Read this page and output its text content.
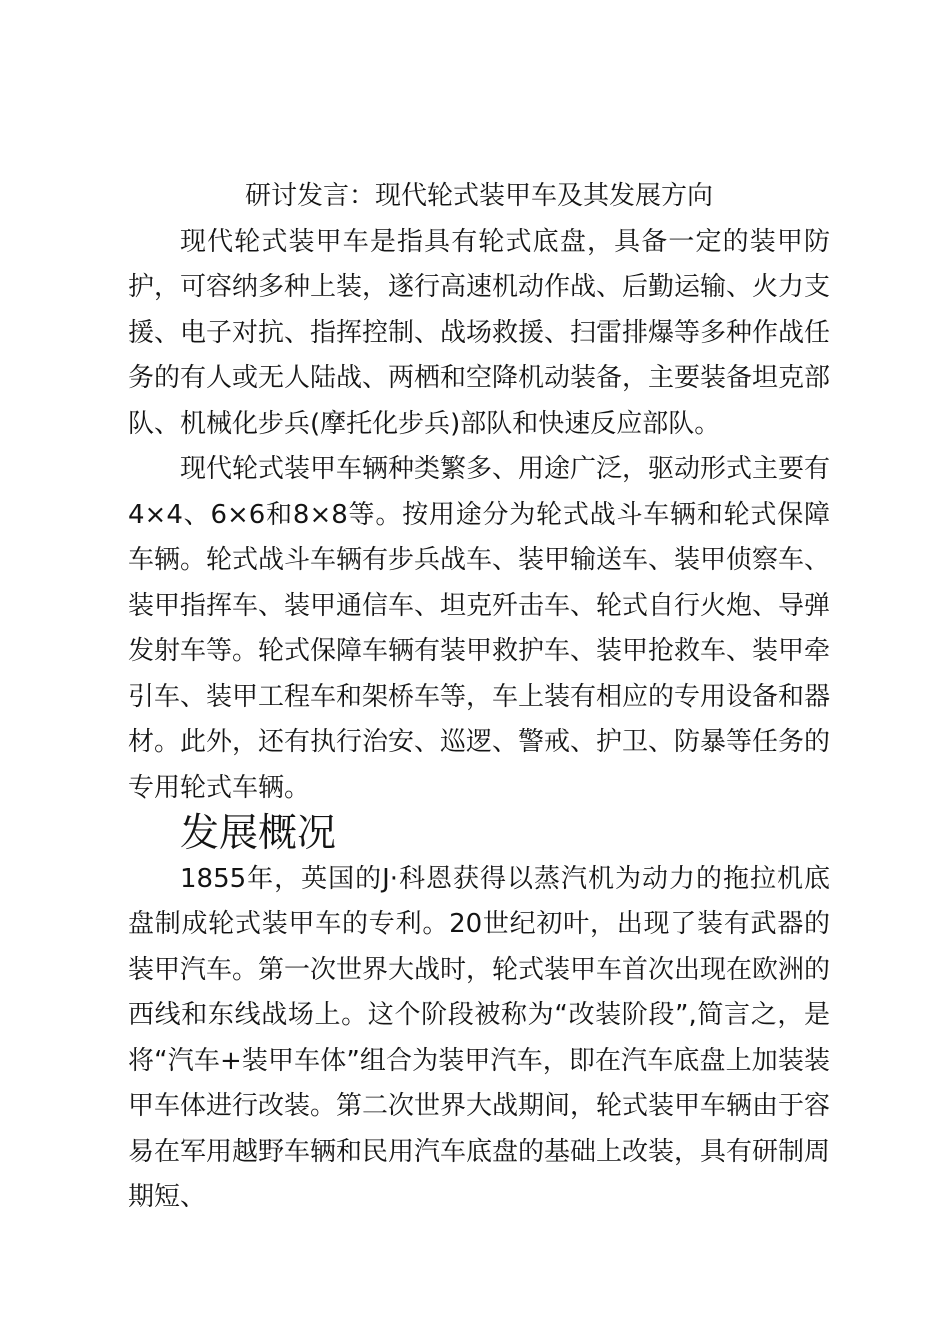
研讨发言：现代轮式装甲车及其发展方向

现代轮式装甲车是指具有轮式底盘，具备一定的装甲防护，可容纳多种上装，遂行高速机动作战、后勤运输、火力支援、电子对抗、指挥控制、战场救援、扫雷排爆等多种作战任务的有人或无人陆战、两栖和空降机动装备，主要装备坦克部队、机械化步兵(摩托化步兵)部队和快速反应部队。

现代轮式装甲车辆种类繁多、用途广泛，驱动形式主要有4×4、6×6和8×8等。按用途分为轮式战斗车辆和轮式保障车辆。轮式战斗车辆有步兵战车、装甲输送车、装甲侦察车、装甲指挥车、装甲通信车、坦克歼击车、轮式自行火炮、导弹发射车等。轮式保障车辆有装甲救护车、装甲抢救车、装甲牵引车、装甲工程车和架桥车等，车上装有相应的专用设备和器材。此外，还有执行治安、巡逻、警戒、护卫、防暴等任务的专用轮式车辆。

发展概况

1855年，英国的J·科恩获得以蒸汽机为动力的拖拉机底盘制成轮式装甲车的专利。20世纪初叶，出现了装有武器的装甲汽车。第一次世界大战时，轮式装甲车首次出现在欧洲的西线和东线战场上。这个阶段被称为“改装阶段”,简言之，是将“汽车+装甲车体”组合为装甲汽车，即在汽车底盘上加装装甲车体进行改装。第二次世界大战期间，轮式装甲车辆由于容易在军用越野车辆和民用汽车底盘的基础上改装，具有研制周期短、
